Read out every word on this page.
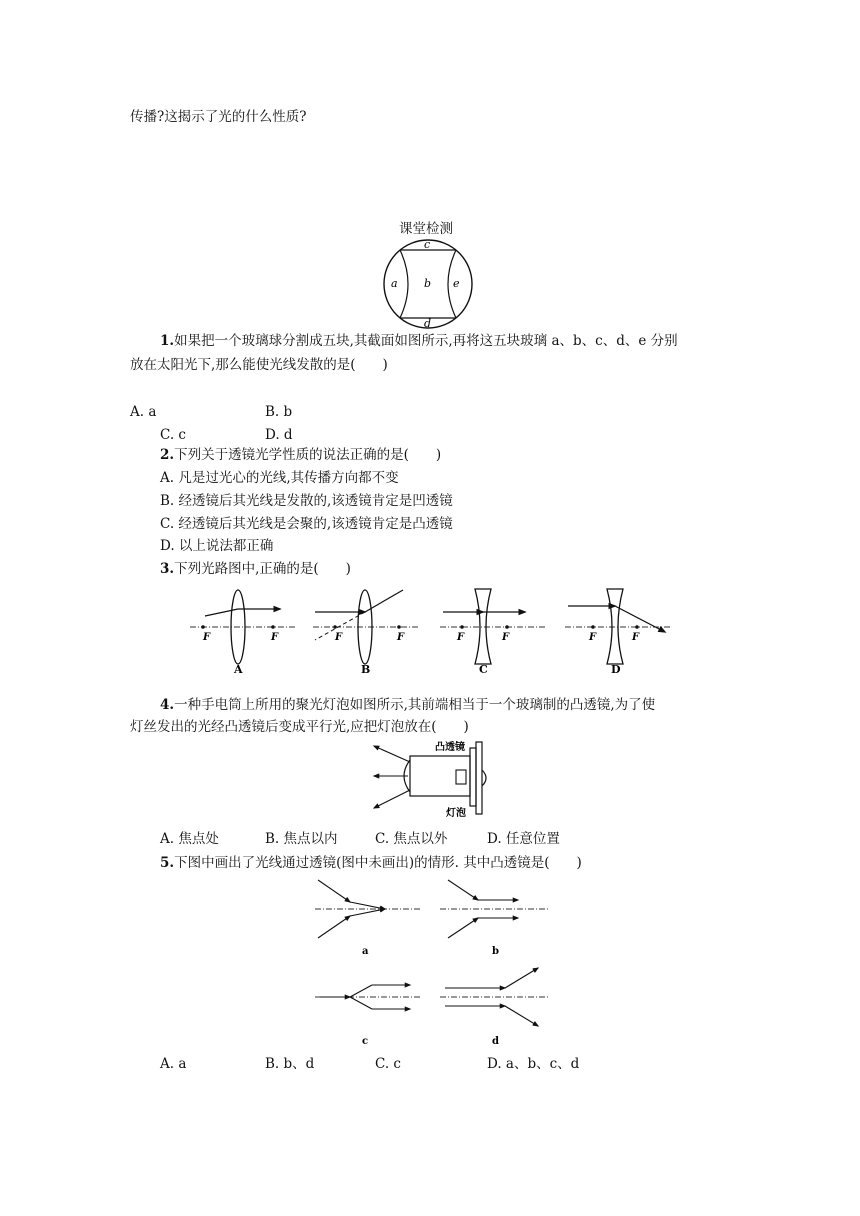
传播?这揭示了光的什么性质?
课堂检测
c
a b e
d
1.如果把一个玻璃球分割成五块,其截面如图所示,再将这五块玻璃 a、b、c、d、e 分别
放在太阳光下,那么能使光线发散的是(　　)
A. a	B. b
C. c	D. d
2.下列关于透镜光学性质的说法正确的是(　　)
A. 凡是过光心的光线,其传播方向都不变
B. 经透镜后其光线是发散的,该透镜肯定是凹透镜
C. 经透镜后其光线是会聚的,该透镜肯定是凸透镜
D. 以上说法都正确
3.下列光路图中,正确的是(　　)
F	F
A
F	F
B
F	F
C
F	F
D
4.一种手电筒上所用的聚光灯泡如图所示,其前端相当于一个玻璃制的凸透镜,为了使
灯丝发出的光经凸透镜后变成平行光,应把灯泡放在(　　)
凸透镜
灯泡
A. 焦点处	B. 焦点以内	C. 焦点以外	D. 任意位置
5.下图中画出了光线通过透镜(图中未画出)的情形. 其中凸透镜是(　　)
a	b
c	d
A. a	B. b、d	C. c	D. a、b、c、d
